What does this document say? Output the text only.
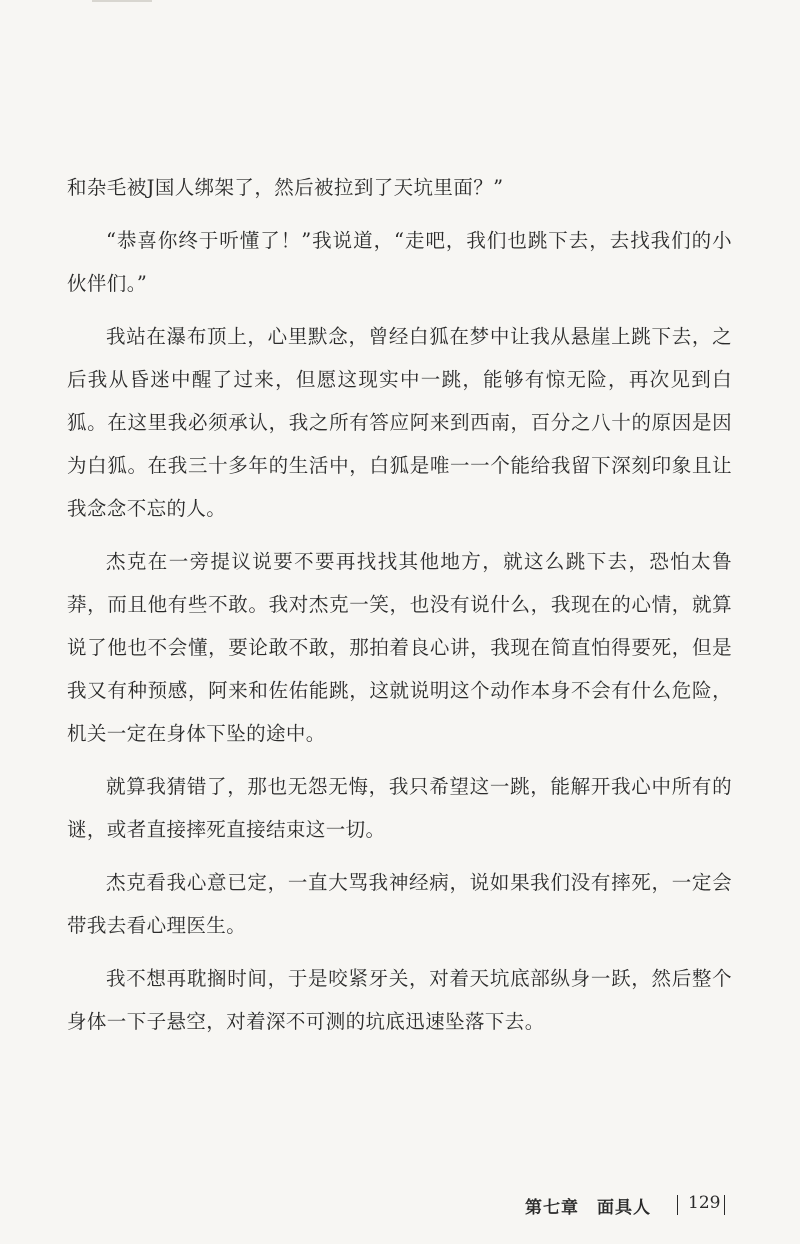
和杂毛被J国人绑架了，然后被拉到了天坑里面？”

“恭喜你终于听懂了！”我说道，“走吧，我们也跳下去，去找我们的小伙伴们。”

我站在瀑布顶上，心里默念，曾经白狐在梦中让我从悬崖上跳下去，之后我从昏迷中醒了过来，但愿这现实中一跳，能够有惊无险，再次见到白狐。在这里我必须承认，我之所有答应阿来到西南，百分之八十的原因是因为白狐。在我三十多年的生活中，白狐是唯一一个能给我留下深刻印象且让我念念不忘的人。

杰克在一旁提议说要不要再找找其他地方，就这么跳下去，恐怕太鲁莽，而且他有些不敢。我对杰克一笑，也没有说什么，我现在的心情，就算说了他也不会懂，要论敢不敢，那拍着良心讲，我现在简直怕得要死，但是我又有种预感，阿来和佐佑能跳，这就说明这个动作本身不会有什么危险，机关一定在身体下坠的途中。

就算我猜错了，那也无怨无悔，我只希望这一跳，能解开我心中所有的谜，或者直接摔死直接结束这一切。

杰克看我心意已定，一直大骂我神经病，说如果我们没有摔死，一定会带我去看心理医生。

我不想再耽搁时间，于是咬紧牙关，对着天坑底部纵身一跃，然后整个身体一下子悬空，对着深不可测的坑底迅速坠落下去。

第七章　面具人 129
